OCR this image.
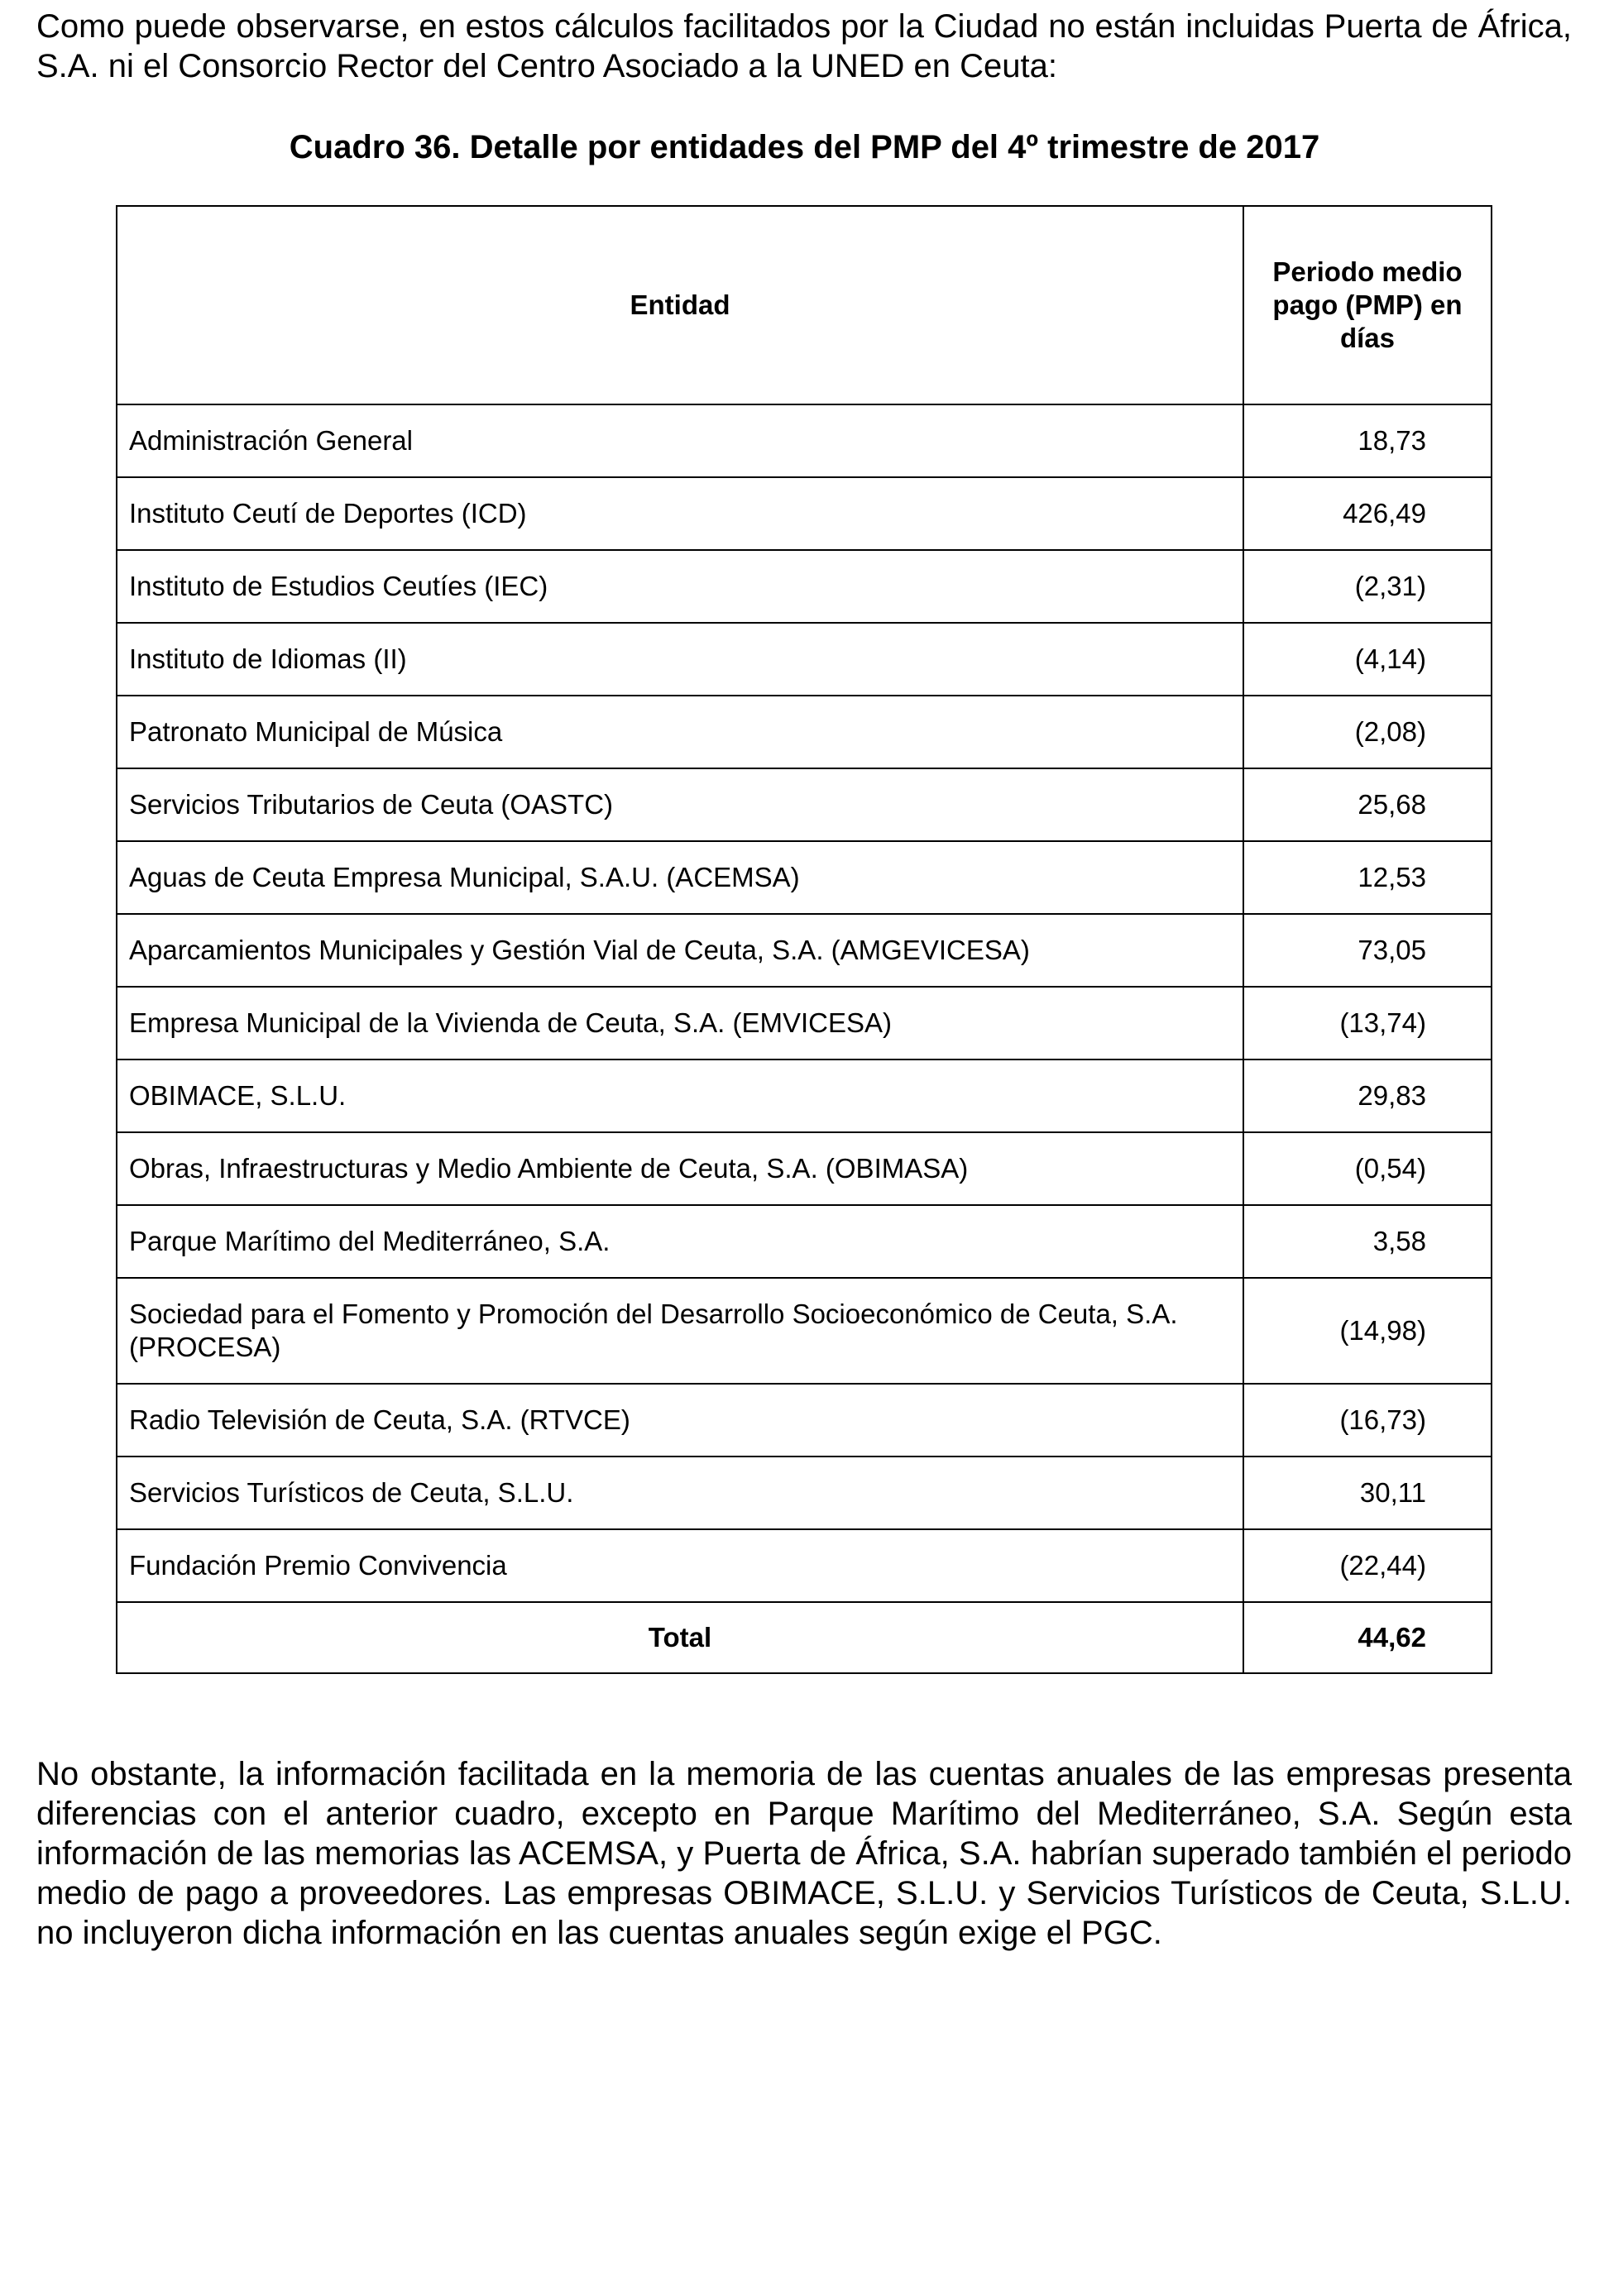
Como puede observarse, en estos cálculos facilitados por la Ciudad no están incluidas Puerta de África, S.A. ni el Consorcio Rector del Centro Asociado a la UNED en Ceuta:

Cuadro 36. Detalle por entidades del PMP del 4º trimestre de 2017

Entidad	Periodo medio pago (PMP) en días
Administración General	18,73
Instituto Ceutí de Deportes (ICD)	426,49
Instituto de Estudios Ceutíes (IEC)	(2,31)
Instituto de Idiomas (II)	(4,14)
Patronato Municipal de Música	(2,08)
Servicios Tributarios de Ceuta (OASTC)	25,68
Aguas de Ceuta Empresa Municipal, S.A.U. (ACEMSA)	12,53
Aparcamientos Municipales y Gestión Vial de Ceuta, S.A. (AMGEVICESA)	73,05
Empresa Municipal de la Vivienda de Ceuta, S.A. (EMVICESA)	(13,74)
OBIMACE, S.L.U.	29,83
Obras, Infraestructuras y Medio Ambiente de Ceuta, S.A. (OBIMASA)	(0,54)
Parque Marítimo del Mediterráneo, S.A.	3,58
Sociedad para el Fomento y Promoción del Desarrollo Socioeconómico de Ceuta, S.A. (PROCESA)	(14,98)
Radio Televisión de Ceuta, S.A. (RTVCE)	(16,73)
Servicios Turísticos de Ceuta, S.L.U.	30,11
Fundación Premio Convivencia	(22,44)
Total	44,62

No obstante, la información facilitada en la memoria de las cuentas anuales de las empresas presenta diferencias con el anterior cuadro, excepto en Parque Marítimo del Mediterráneo, S.A. Según esta información de las memorias las ACEMSA, y Puerta de África, S.A. habrían superado también el periodo medio de pago a proveedores. Las empresas OBIMACE, S.L.U. y Servicios Turísticos de Ceuta, S.L.U. no incluyeron dicha información en las cuentas anuales según exige el PGC.
